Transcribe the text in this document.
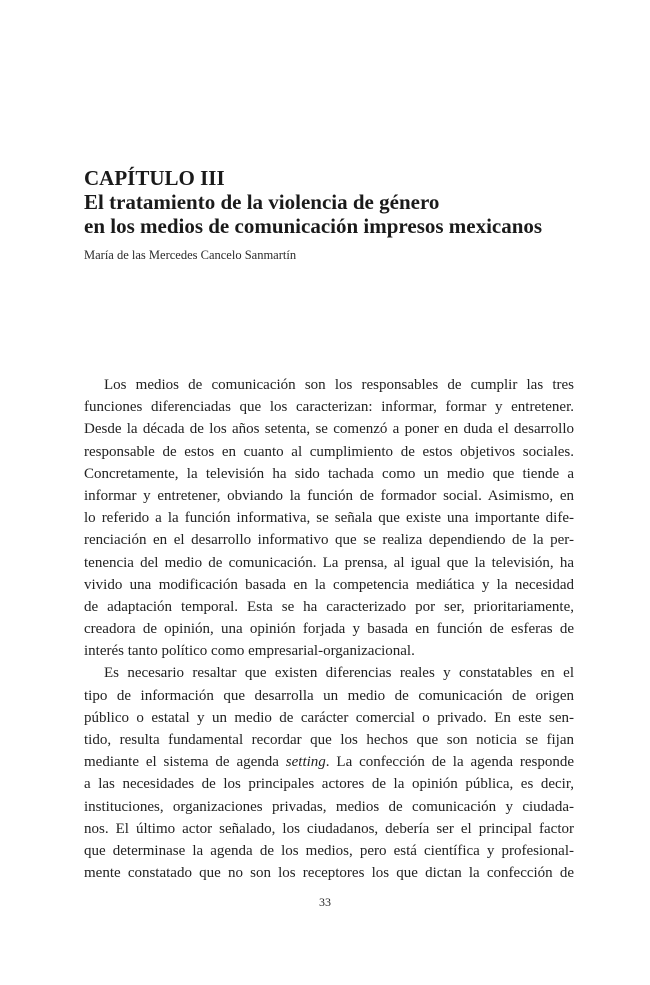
CAPÍTULO III
El tratamiento de la violencia de género
en los medios de comunicación impresos mexicanos
María de las Mercedes Cancelo Sanmartín
Los medios de comunicación son los responsables de cumplir las tres
funciones diferenciadas que los caracterizan: informar, formar y entretener.
Desde la década de los años setenta, se comenzó a poner en duda el desarrollo
responsable de estos en cuanto al cumplimiento de estos objetivos sociales.
Concretamente, la televisión ha sido tachada como un medio que tiende a
informar y entretener, obviando la función de formador social. Asimismo, en
lo referido a la función informativa, se señala que existe una importante dife-
renciación en el desarrollo informativo que se realiza dependiendo de la per-
tenencia del medio de comunicación. La prensa, al igual que la televisión, ha
vivido una modificación basada en la competencia mediática y la necesidad
de adaptación temporal. Esta se ha caracterizado por ser, prioritariamente,
creadora de opinión, una opinión forjada y basada en función de esferas de
interés tanto político como empresarial-organizacional.
Es necesario resaltar que existen diferencias reales y constatables en el
tipo de información que desarrolla un medio de comunicación de origen
público o estatal y un medio de carácter comercial o privado. En este sen-
tido, resulta fundamental recordar que los hechos que son noticia se fijan
mediante el sistema de agenda setting. La confección de la agenda responde
a las necesidades de los principales actores de la opinión pública, es decir,
instituciones, organizaciones privadas, medios de comunicación y ciudada-
nos. El último actor señalado, los ciudadanos, debería ser el principal factor
que determinase la agenda de los medios, pero está científica y profesional-
mente constatado que no son los receptores los que dictan la confección de
33
